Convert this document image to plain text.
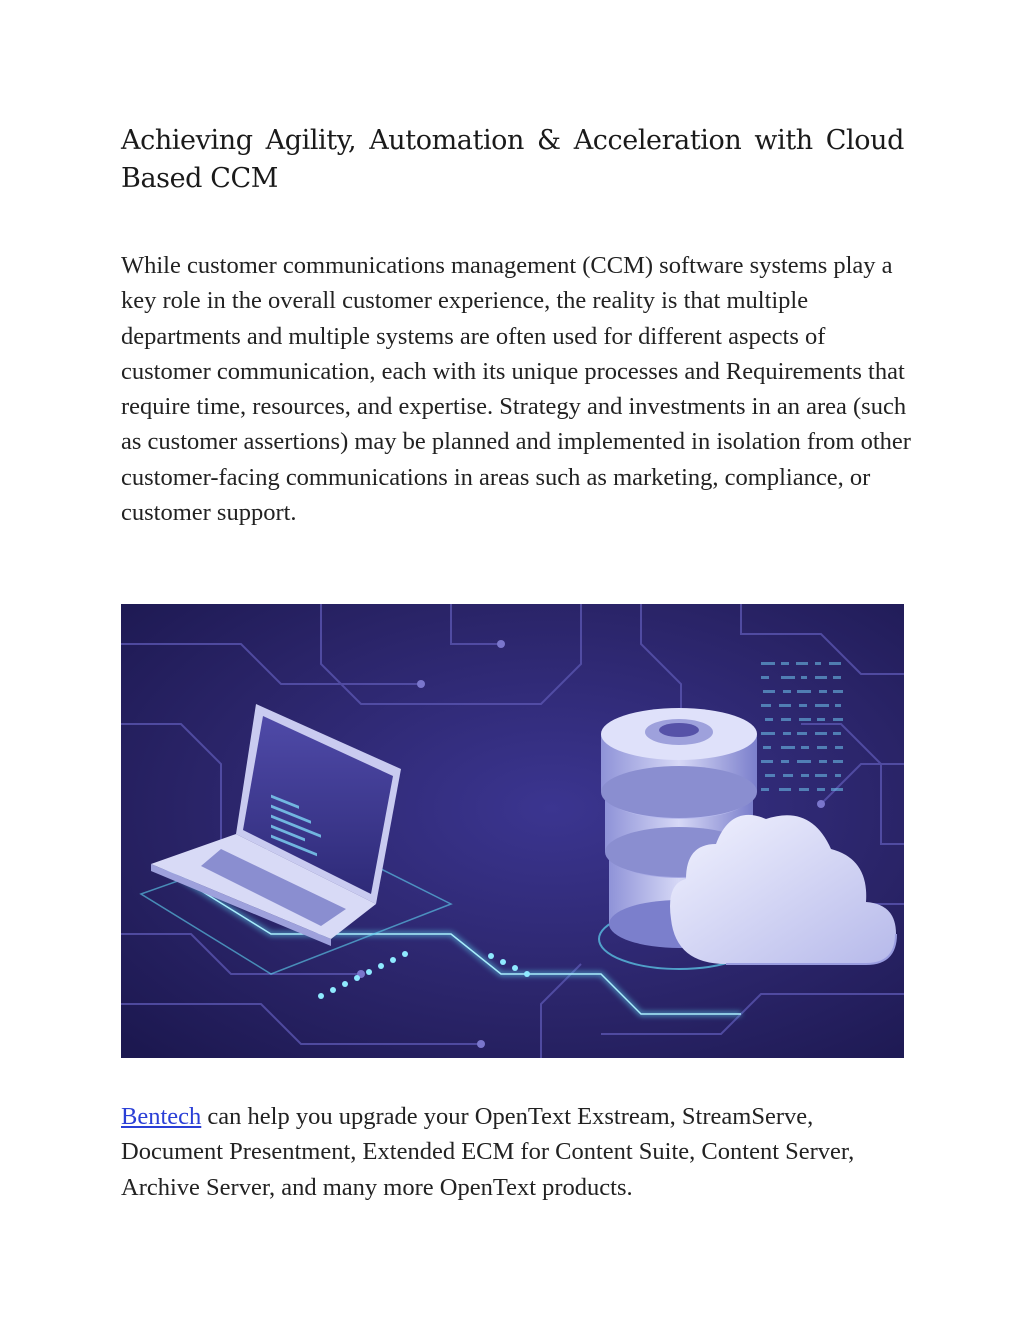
Achieving Agility, Automation & Acceleration with Cloud Based CCM

While customer communications management (CCM) software systems play a key role in the overall customer experience, the reality is that multiple departments and multiple systems are often used for different aspects of customer communication, each with its unique processes and Requirements that require time, resources, and expertise. Strategy and investments in an area (such as customer assertions) may be planned and implemented in isolation from other customer-facing communications in areas such as marketing, compliance, or customer support.

Bentech can help you upgrade your OpenText Exstream, StreamServe, Document Presentment, Extended ECM for Content Suite, Content Server, Archive Server, and many more OpenText products.
